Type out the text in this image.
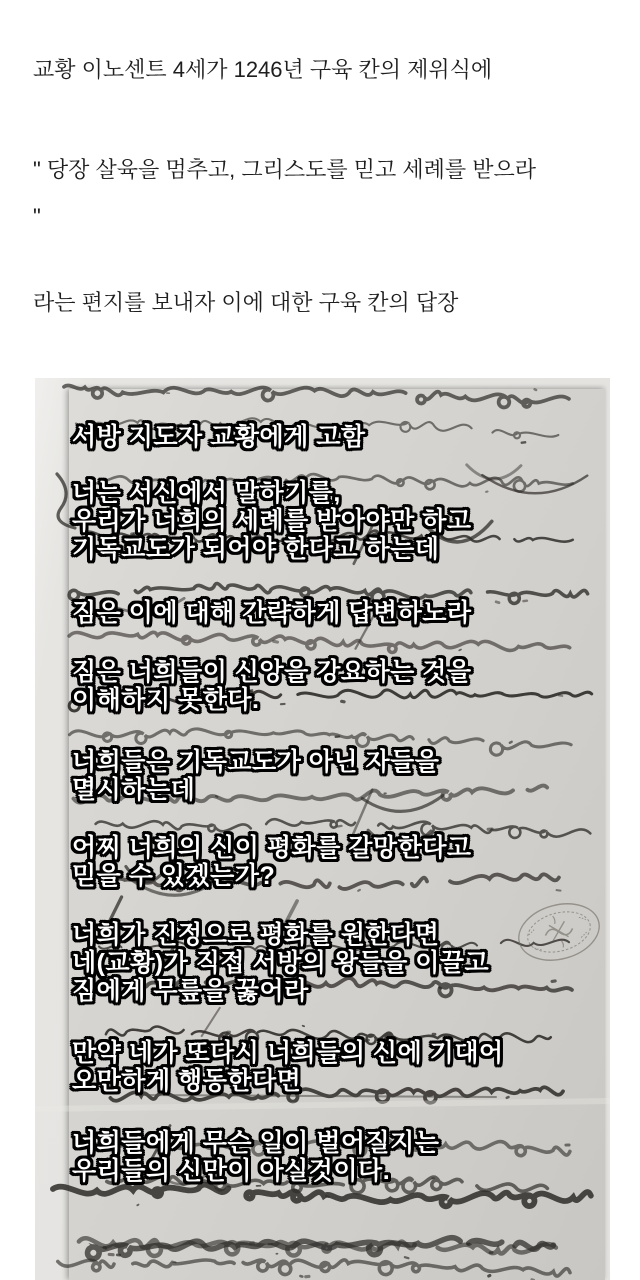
교황 이노센트 4세가 1246년 구육 칸의 제위식에

" 당장 살육을 멈추고, 그리스도를 믿고 세례를 받으라
"

라는 편지를 보내자 이에 대한 구육 칸의 답장

서방 지도자 교황에게 고함
너는 서신에서 말하기를,
우리가 너희의 세례를 받아야만 하고
기독교도가 되어야 한다고 하는데
짐은 이에 대해 간략하게 답변하노라
짐은 너희들이 신앙을 강요하는 것을
이해하지 못한다.
너희들은 기독교도가 아닌 자들을
멸시하는데
어찌 너희의 신이 평화를 갈망한다고
믿을 수 있겠는가?
너희가 진정으로 평화를 원한다면
네(교황)가 직접 서방의 왕들을 이끌고
짐에게 무릎을 꿇어라
만약 네가 또다시 너희들의 신에 기대어
오만하게 행동한다면
너희들에게 무슨 일이 벌어질지는
우리들의 신만이 아실것이다.
